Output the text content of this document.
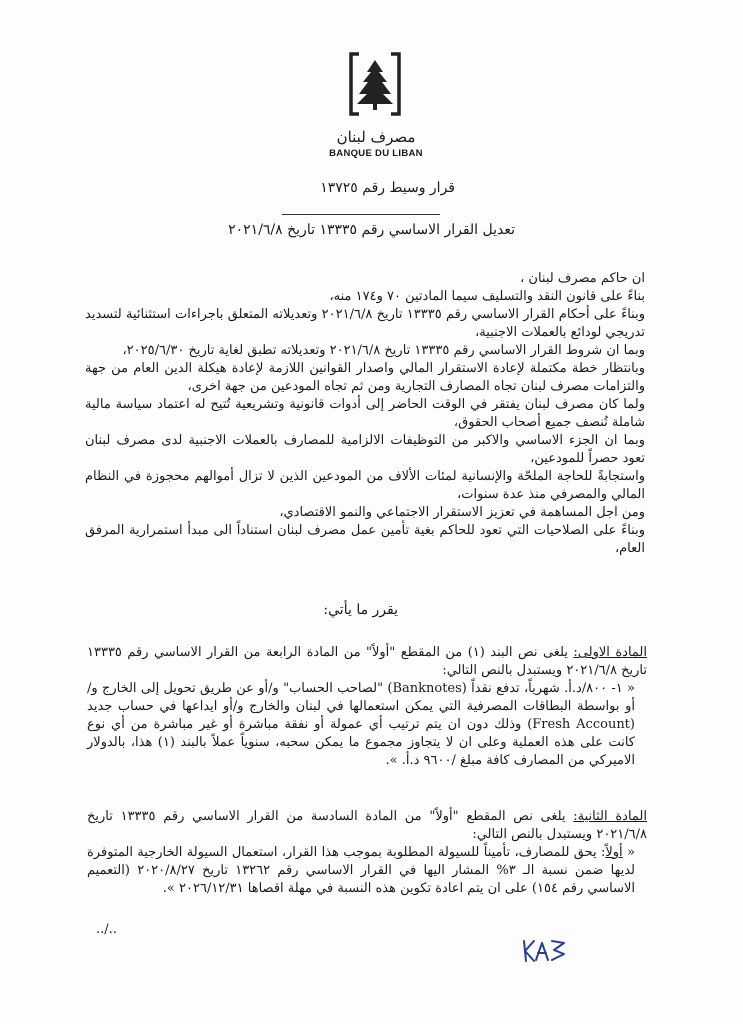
مصرف لبنان
BANQUE DU LIBAN
قرار وسيط رقم ١٣٧٢٥
تعديل القرار الاساسي رقم ١٣٣٣٥ تاريخ ٢٠٢١/٦/٨

ان حاكم مصرف لبنان ،

بناءً على قانون النقد والتسليف سيما المادتين ٧٠ و١٧٤ منه،

وبناءً على أحكام القرار الاساسي رقم ١٣٣٣٥ تاريخ ٢٠٢١/٦/٨ وتعديلاته المتعلق باجراءات استثنائية لتسديد تدريجي لودائع بالعملات الاجنبية،

وبما ان شروط القرار الاساسي رقم ١٣٣٣٥ تاريخ ٢٠٢١/٦/٨ وتعديلاته تطبق لغاية تاريخ ٢٠٢٥/٦/٣٠،

وبانتظار خطة مكتملة لإعادة الاستقرار المالي واصدار القوانين اللازمة لإعادة هيكلة الدين العام من جهة والتزامات مصرف لبنان تجاه المصارف التجارية ومن ثم تجاه المودعين من جهة اخرى،

ولما كان مصرف لبنان يفتقر في الوقت الحاضر إلى أدوات قانونية وتشريعية تُتيح له اعتماد سياسة مالية شاملة تُنصف جميع أصحاب الحقوق،

وبما ان الجزء الاساسي والاكبر من التوظيفات الالزامية للمصارف بالعملات الاجنبية لدى مصرف لبنان تعود حصراً للمودعين،

واستجابةً للحاجة الملحّة والإنسانية لمئات الألاف من المودعين الذين لا تزال أموالهم محجوزة في النظام المالي والمصرفي منذ عدة سنوات،

ومن اجل المساهمة في تعزيز الاستقرار الاجتماعي والنمو الاقتصادي،

وبناءً على الصلاحيات التي تعود للحاكم بغية تأمين عمل مصرف لبنان استناداً الى مبدأ استمرارية المرفق العام،

يقرر ما يأتي:

المادة الاولى: يلغى نص البند (١) من المقطع "أولاً" من المادة الرابعة من القرار الاساسي رقم ١٣٣٣٥ تاريخ ٢٠٢١/٦/٨ ويستبدل بالنص التالي:

« ١- ٨٠٠/د.أ. شهرياً، تدفع نقداً (Banknotes) "لصاحب الحساب" و/أو عن طريق تحويل إلى الخارج و/أو بواسطة البطاقات المصرفية التي يمكن استعمالها في لبنان والخارج و/أو ايداعها في حساب جديد (Fresh Account) وذلك دون ان يتم ترتيب أي عمولة أو نفقة مباشرة أو غير مباشرة من أي نوع كانت على هذه العملية وعلى ان لا يتجاوز مجموع ما يمكن سحبه، سنوياً عملاً بالبند (١) هذا، بالدولار الاميركي من المصارف كافة مبلغ /٩٦٠٠ د.أ. ».

المادة الثانية: يلغى نص المقطع "أولاً" من المادة السادسة من القرار الاساسي رقم ١٣٣٣٥ تاريخ ٢٠٢١/٦/٨ ويستبدل بالنص التالي:

« أولاً: يحق للمصارف، تأميناً للسيولة المطلوبة بموجب هذا القرار، استعمال السيولة الخارجية المتوفرة لديها ضمن نسبة الـ ٣% المشار اليها في القرار الاساسي رقم ١٣٢٦٢ تاريخ ٢٠٢٠/٨/٢٧ (التعميم الاساسي رقم ١٥٤) على ان يتم اعادة تكوين هذه النسبة في مهلة اقصاها ٢٠٢٦/١٢/٣١ ».

../..
